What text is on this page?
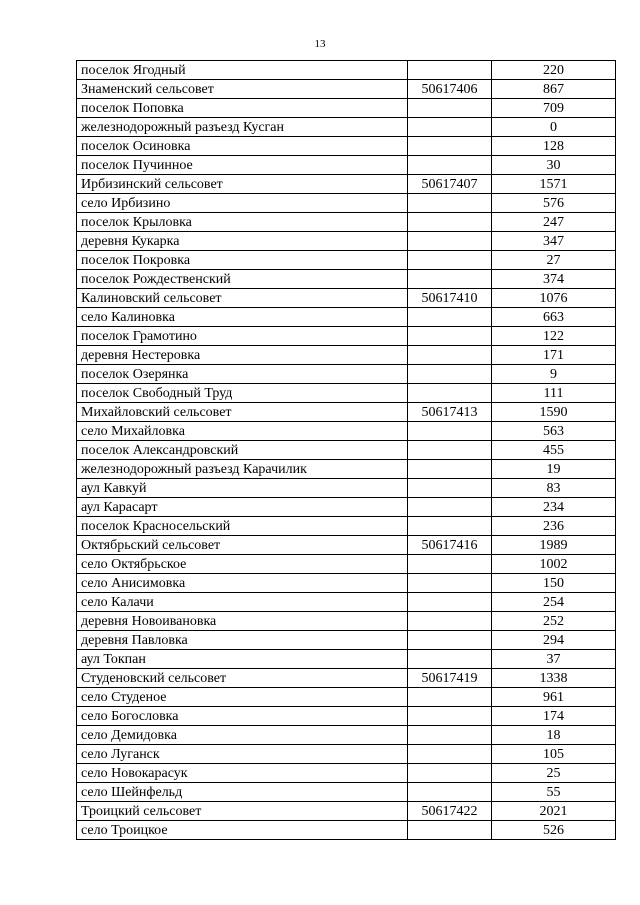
13
поселок Ягодный		220
Знаменский сельсовет	50617406	867
поселок Поповка		709
железнодорожный разъезд Кусган		0
поселок Осиновка		128
поселок Пучинное		30
Ирбизинский сельсовет	50617407	1571
село Ирбизино		576
поселок Крыловка		247
деревня Кукарка		347
поселок Покровка		27
поселок Рождественский		374
Калиновский сельсовет	50617410	1076
село Калиновка		663
поселок Грамотино		122
деревня Нестеровка		171
поселок Озерянка		9
поселок Свободный Труд		111
Михайловский сельсовет	50617413	1590
село Михайловка		563
поселок Александровский		455
железнодорожный разъезд Карачилик		19
аул Кавкуй		83
аул Карасарт		234
поселок Красносельский		236
Октябрьский сельсовет	50617416	1989
село Октябрьское		1002
село Анисимовка		150
село Калачи		254
деревня Новоивановка		252
деревня Павловка		294
аул Токпан		37
Студеновский сельсовет	50617419	1338
село Студеное		961
село Богословка		174
село Демидовка		18
село Луганск		105
село Новокарасук		25
село Шейнфельд		55
Троицкий сельсовет	50617422	2021
село Троицкое		526
